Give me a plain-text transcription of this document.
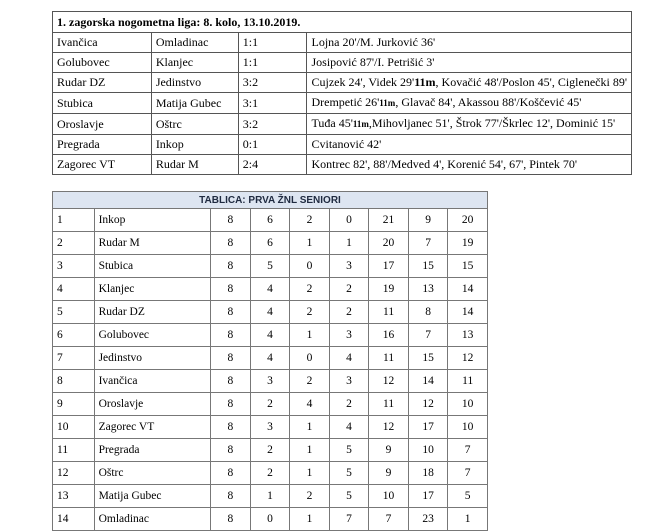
1. zagorska nogometna liga: 8. kolo, 13.10.2019.			
Ivančica	Omladinac	1:1	Lojna 20'/M. Jurković 36'
Golubovec	Klanjec	1:1	Josipović 87'/I. Petrišić 3'
Rudar DZ	Jedinstvo	3:2	Cujzek 24', Videk 29'11m, Kovačić 48'/Poslon 45', Ciglenečki 89'
Stubica	Matija Gubec	3:1	Drempetić 26'11m, Glavač 84', Akassou 88'/Koščević 45'
Oroslavje	Oštrc	3:2	Tuđa 45'11m,Mihovljanec 51', Štrok 77'/Škrlec 12', Dominić 15'
Pregrada	Inkop	0:1	Cvitanović 42'
Zagorec VT	Rudar M	2:4	Kontrec 82', 88'/Medved 4', Korenić 54', 67', Pintek 70'
TABLICA: PRVA ŽNL SENIORI								
1	Inkop	8	6	2	0	21	9	20
2	Rudar M	8	6	1	1	20	7	19
3	Stubica	8	5	0	3	17	15	15
4	Klanjec	8	4	2	2	19	13	14
5	Rudar DZ	8	4	2	2	11	8	14
6	Golubovec	8	4	1	3	16	7	13
7	Jedinstvo	8	4	0	4	11	15	12
8	Ivančica	8	3	2	3	12	14	11
9	Oroslavje	8	2	4	2	11	12	10
10	Zagorec VT	8	3	1	4	12	17	10
11	Pregrada	8	2	1	5	9	10	7
12	Oštrc	8	2	1	5	9	18	7
13	Matija Gubec	8	1	2	5	10	17	5
14	Omladinac	8	0	1	7	7	23	1
